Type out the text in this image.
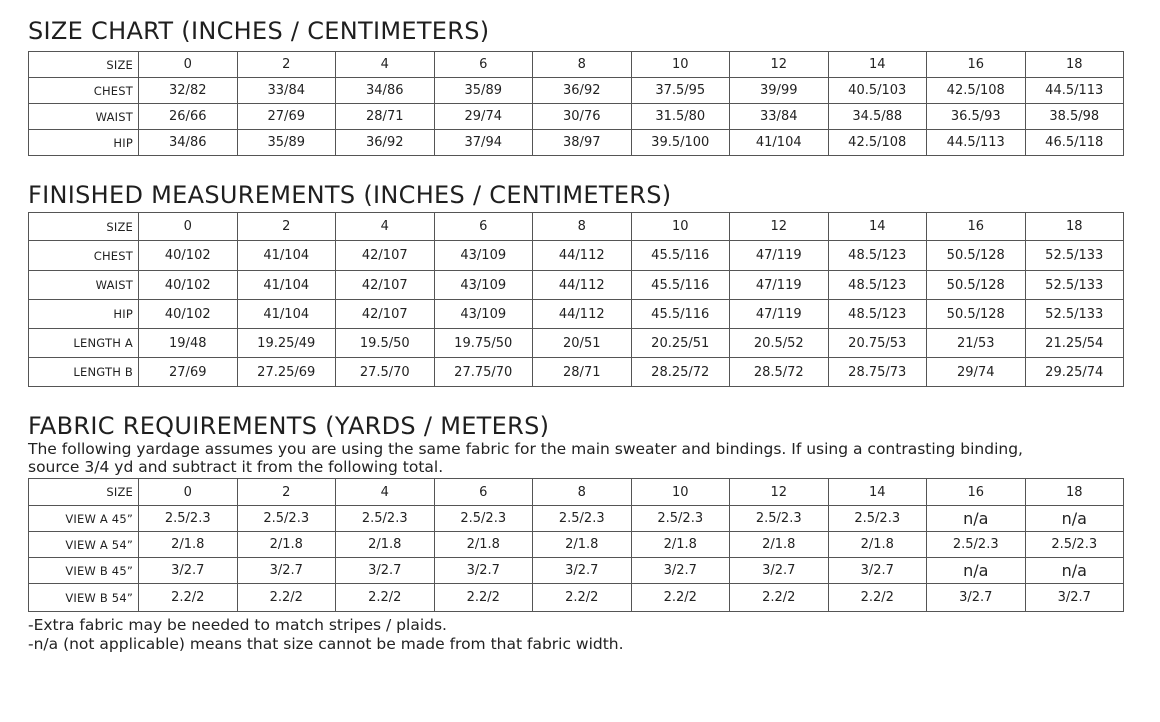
SIZE CHART (INCHES / CENTIMETERS)
SIZE	0	2	4	6	8	10	12	14	16	18
CHEST	32/82	33/84	34/86	35/89	36/92	37.5/95	39/99	40.5/103	42.5/108	44.5/113
WAIST	26/66	27/69	28/71	29/74	30/76	31.5/80	33/84	34.5/88	36.5/93	38.5/98
HIP	34/86	35/89	36/92	37/94	38/97	39.5/100	41/104	42.5/108	44.5/113	46.5/118
FINISHED MEASUREMENTS (INCHES / CENTIMETERS)
SIZE	0	2	4	6	8	10	12	14	16	18
CHEST	40/102	41/104	42/107	43/109	44/112	45.5/116	47/119	48.5/123	50.5/128	52.5/133
WAIST	40/102	41/104	42/107	43/109	44/112	45.5/116	47/119	48.5/123	50.5/128	52.5/133
HIP	40/102	41/104	42/107	43/109	44/112	45.5/116	47/119	48.5/123	50.5/128	52.5/133
LENGTH A	19/48	19.25/49	19.5/50	19.75/50	20/51	20.25/51	20.5/52	20.75/53	21/53	21.25/54
LENGTH B	27/69	27.25/69	27.5/70	27.75/70	28/71	28.25/72	28.5/72	28.75/73	29/74	29.25/74
FABRIC REQUIREMENTS (YARDS / METERS)

The following yardage assumes you are using the same fabric for the main sweater and bindings. If using a contrasting binding, source 3/4 yd and subtract it from the following total.

SIZE	0	2	4	6	8	10	12	14	16	18
VIEW A 45”	2.5/2.3	2.5/2.3	2.5/2.3	2.5/2.3	2.5/2.3	2.5/2.3	2.5/2.3	2.5/2.3	n/a	n/a
VIEW A 54”	2/1.8	2/1.8	2/1.8	2/1.8	2/1.8	2/1.8	2/1.8	2/1.8	2.5/2.3	2.5/2.3
VIEW B 45”	3/2.7	3/2.7	3/2.7	3/2.7	3/2.7	3/2.7	3/2.7	3/2.7	n/a	n/a
VIEW B 54”	2.2/2	2.2/2	2.2/2	2.2/2	2.2/2	2.2/2	2.2/2	2.2/2	3/2.7	3/2.7

-Extra fabric may be needed to match stripes / plaids.

-n/a (not applicable) means that size cannot be made from that fabric width.
